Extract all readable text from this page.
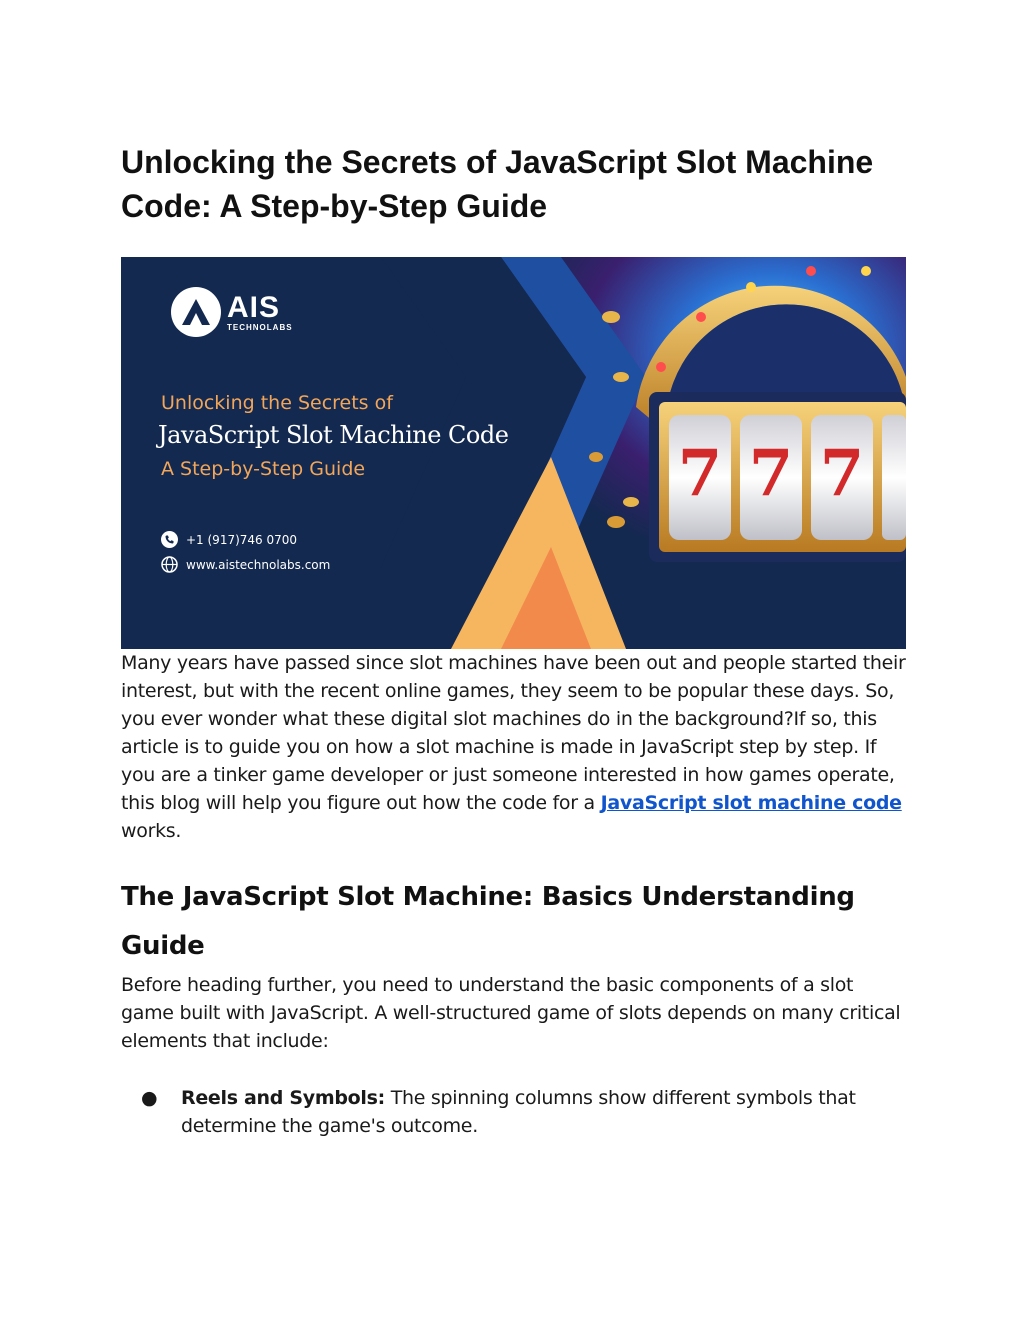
Unlocking the Secrets of JavaScript Slot Machine Code: A Step-by-Step Guide
7 7 7
AIS
TECHNOLABS
Unlocking the Secrets of
JavaScript Slot Machine Code
A Step-by-Step Guide
+1 (917)746 0700
www.aistechnolabs.com

Many years have passed since slot machines have been out and people started their interest, but with the recent online games, they seem to be popular these days. So, you ever wonder what these digital slot machines do in the background?If so, this article is to guide you on how a slot machine is made in JavaScript step by step. If you are a tinker game developer or just someone interested in how games operate, this blog will help you figure out how the code for a JavaScript slot machine code works.

The JavaScript Slot Machine: Basics Understanding Guide

Before heading further, you need to understand the basic components of a slot game built with JavaScript. A well-structured game of slots depends on many critical elements that include:

● Reels and Symbols: The spinning columns show different symbols that determine the game's outcome.
